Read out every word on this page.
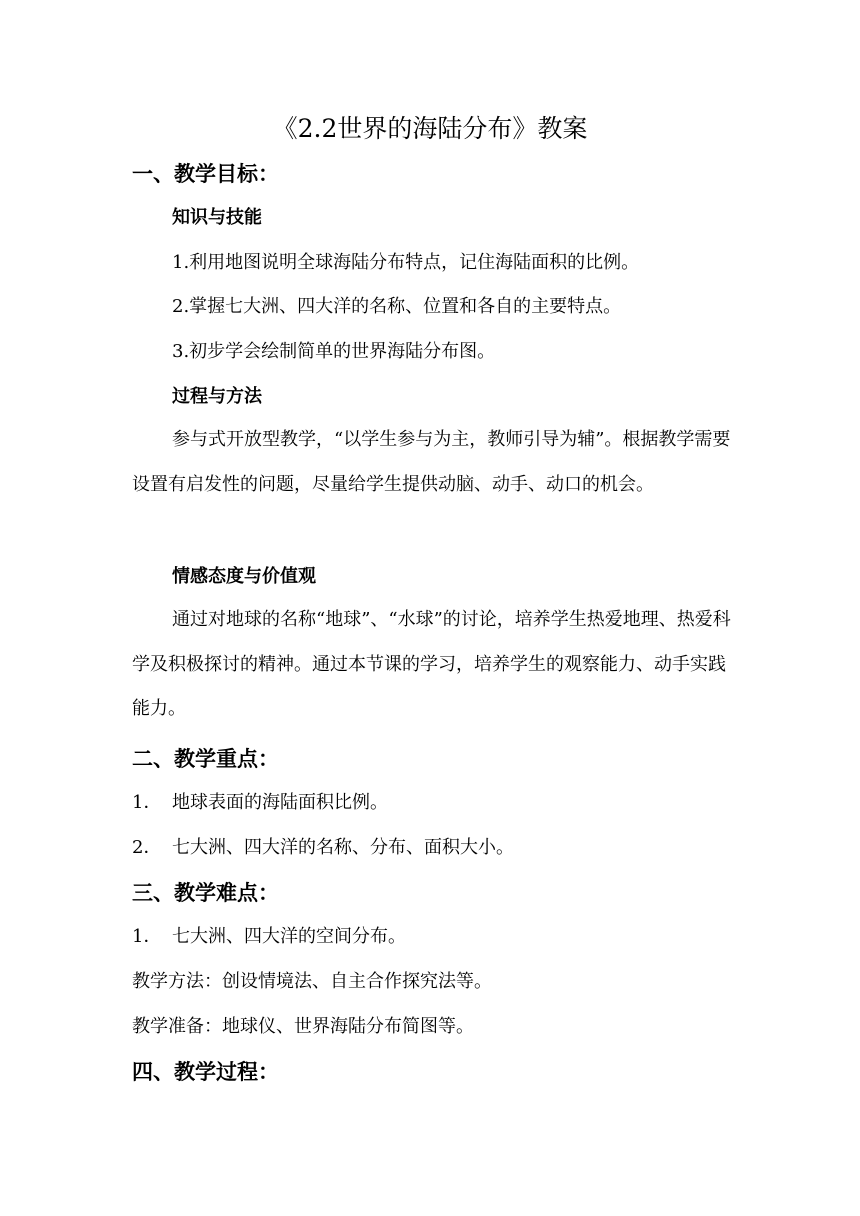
《2.2世界的海陆分布》教案
一、教学目标：
知识与技能
1.利用地图说明全球海陆分布特点，记住海陆面积的比例。
2.掌握七大洲、四大洋的名称、位置和各自的主要特点。
3.初步学会绘制简单的世界海陆分布图。
过程与方法
参与式开放型教学，“以学生参与为主，教师引导为辅”。根据教学需要设置有启发性的问题，尽量给学生提供动脑、动手、动口的机会。
情感态度与价值观
通过对地球的名称“地球”、“水球”的讨论，培养学生热爱地理、热爱科学及积极探讨的精神。通过本节课的学习，培养学生的观察能力、动手实践能力。
二、教学重点：
1． 地球表面的海陆面积比例。
2． 七大洲、四大洋的名称、分布、面积大小。
三、教学难点：
1． 七大洲、四大洋的空间分布。
教学方法：创设情境法、自主合作探究法等。
教学准备：地球仪、世界海陆分布简图等。
四、教学过程：
